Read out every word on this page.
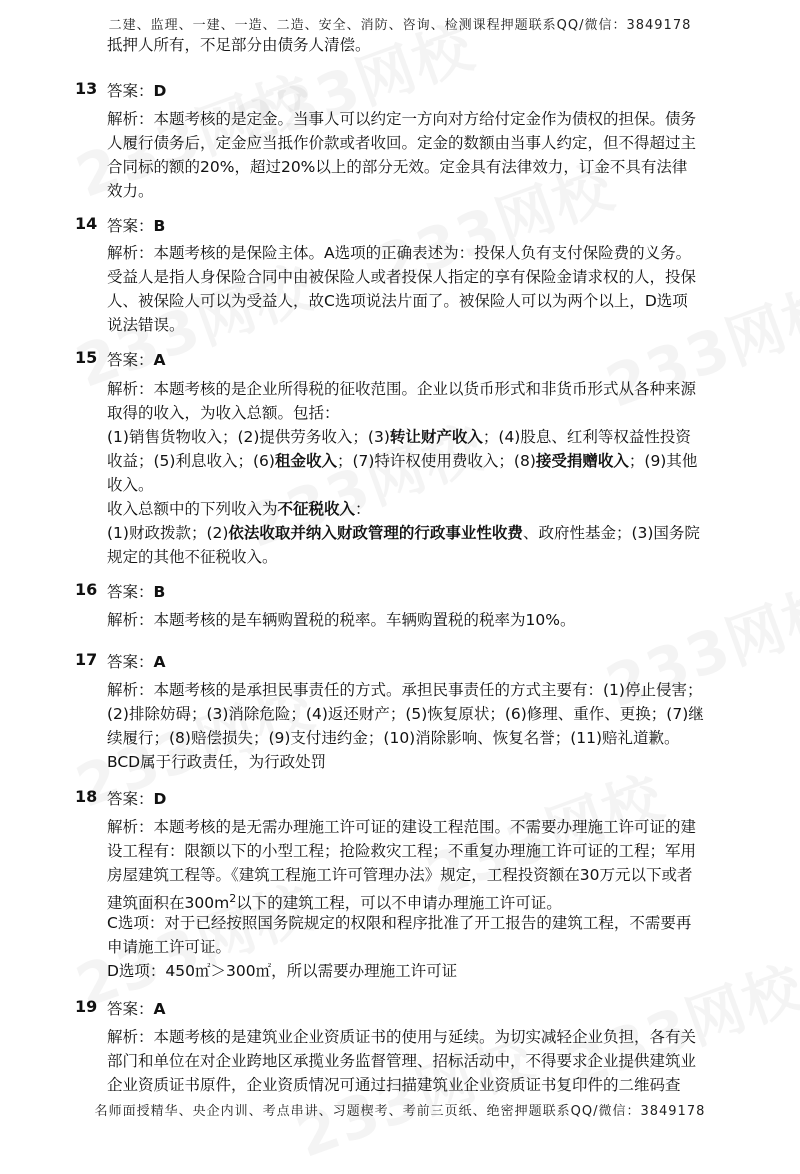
二建、监理、一建、一造、二造、安全、消防、咨询、检测课程押题联系QQ/微信：3849178
抵押人所有，不足部分由债务人清偿。
13 答案：D
解析：本题考核的是定金。当事人可以约定一方向对方给付定金作为债权的担保。债务
人履行债务后，定金应当抵作价款或者收回。定金的数额由当事人约定，但不得超过主
合同标的额的20%，超过20%以上的部分无效。定金具有法律效力，订金不具有法律
效力。
14 答案：B
解析：本题考核的是保险主体。A选项的正确表述为：投保人负有支付保险费的义务。
受益人是指人身保险合同中由被保险人或者投保人指定的享有保险金请求权的人，投保
人、被保险人可以为受益人，故C选项说法片面了。被保险人可以为两个以上，D选项
说法错误。
15 答案：A
解析：本题考核的是企业所得税的征收范围。企业以货币形式和非货币形式从各种来源
取得的收入，为收入总额。包括：
(1)销售货物收入；(2)提供劳务收入；(3)转让财产收入；(4)股息、红利等权益性投资
收益；(5)利息收入；(6)租金收入；(7)特许权使用费收入；(8)接受捐赠收入；(9)其他
收入。
收入总额中的下列收入为不征税收入：
(1)财政拨款；(2)依法收取并纳入财政管理的行政事业性收费、政府性基金；(3)国务院
规定的其他不征税收入。
16 答案：B
解析：本题考核的是车辆购置税的税率。车辆购置税的税率为10%。
17 答案：A
解析：本题考核的是承担民事责任的方式。承担民事责任的方式主要有：(1)停止侵害；
(2)排除妨碍；(3)消除危险；(4)返还财产；(5)恢复原状；(6)修理、重作、更换；(7)继
续履行；(8)赔偿损失；(9)支付违约金；(10)消除影响、恢复名誉；(11)赔礼道歉。
BCD属于行政责任，为行政处罚
18 答案：D
解析：本题考核的是无需办理施工许可证的建设工程范围。不需要办理施工许可证的建
设工程有：限额以下的小型工程；抢险救灾工程；不重复办理施工许可证的工程；军用
房屋建筑工程等。《建筑工程施工许可管理办法》规定，工程投资额在30万元以下或者
建筑面积在$300m^2$以下的建筑工程，可以不申请办理施工许可证。
C选项：对于已经按照国务院规定的权限和程序批准了开工报告的建筑工程，不需要再
申请施工许可证。
D选项：450㎡＞300㎡，所以需要办理施工许可证
19 答案：A
解析：本题考核的是建筑业企业资质证书的使用与延续。为切实减轻企业负担，各有关
部门和单位在对企业跨地区承揽业务监督管理、招标活动中，不得要求企业提供建筑业
企业资质证书原件，企业资质情况可通过扫描建筑业企业资质证书复印件的二维码查
名师面授精华、央企内训、考点串讲、习题楔考、考前三页纸、绝密押题联系QQ/微信：3849178
